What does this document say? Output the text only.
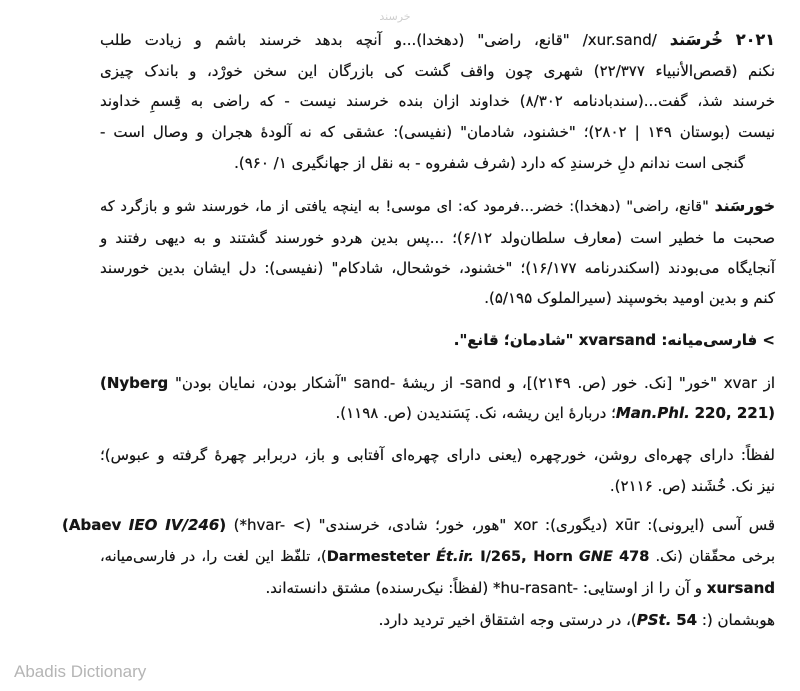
خرسند
۲۰۲۱ خُرسَند /xur.sand/ "قانع، راضی" (دهخدا)...و آنچه بدهد خرسند باشم و زیادت طلب
نکنم (قصص‌الأنبیاء ۲۲/۳۷۷) شهری چون واقف گشت کی بازرگان این سخن خورْد، و باندک چیزی
خرسند شذ، گفت...(سندبادنامه ۸/۳۰۲) خداوند ازان بنده خرسند نیست - که راضی به قِسمِ خداوند
نیست (بوستان ۱۴۹ | ۲۸۰۲)؛ "خشنود، شادمان" (نفیسی): عشقی که نه آلودهٔ هجران و وصال است -
گنجی است ندانم دلِ خرسندِ که دارد (شرف شفروه - به نقل از جهانگیری ۱/ ۹۶۰).
خورسَند "قانع، راضی" (دهخدا): خضر...فرمود که: ای موسی! به اینچه یافتی از ما، خورسند شو و بازگرد که
صحبت ما خطیر است (معارف سلطان‌ولد ۶/۱۲)؛ ...پس بدین هردو خورسند گشتند و به دیهی رفتند و
آنجایگاه می‌بودند (اسکندرنامه ۱۶/۱۷۷)؛ "خشنود، خوشحال، شادکام" (نفیسی): دل ایشان بدین خورسند
کنم و بدین اومید بخوسپند (سیرالملوک ۵/۱۹۵).
< فارسی‌میانه: xvarsand "شادمان؛ قانع".
از xvar "خور" [نک. خور (ص. ۲۱۴۹)]، و sand- از ریشهٔ -sand "آشکار بودن، نمایان بودن" (Nyberg
Man.Phl. 220, 221)؛ دربارهٔ این ریشه، نک. پَسَندیدن (ص. ۱۱۹۸).
لفظاً: دارای چهره‌ای روشن، خورچهره (یعنی دارای چهره‌ای آفتابی و باز، دربرابر چهرهٔ گرفته و عبوس)؛
نیز نک. خُشَند (ص. ۲۱۱۶).
قس آسی (ایرونی): xūr (دیگوری): xor "هور، خور؛ شادی، خرسندی" (*hvar- <) (Abaev IEO IV/246)
برخی محقّقان (نک. Darmesteter Ét.ir. I/265, Horn GNE 478)، تلفّظ این لغت را، در فارسی‌میانه،
xursand و آن را از اوستایی: *hu-rasant- (لفظاً: نیک‌رسنده) مشتق دانسته‌اند.
هوبشمان (: PSt. 54)، در درستی وجه اشتقاق اخیر تردید دارد.
Abadis Dictionary
